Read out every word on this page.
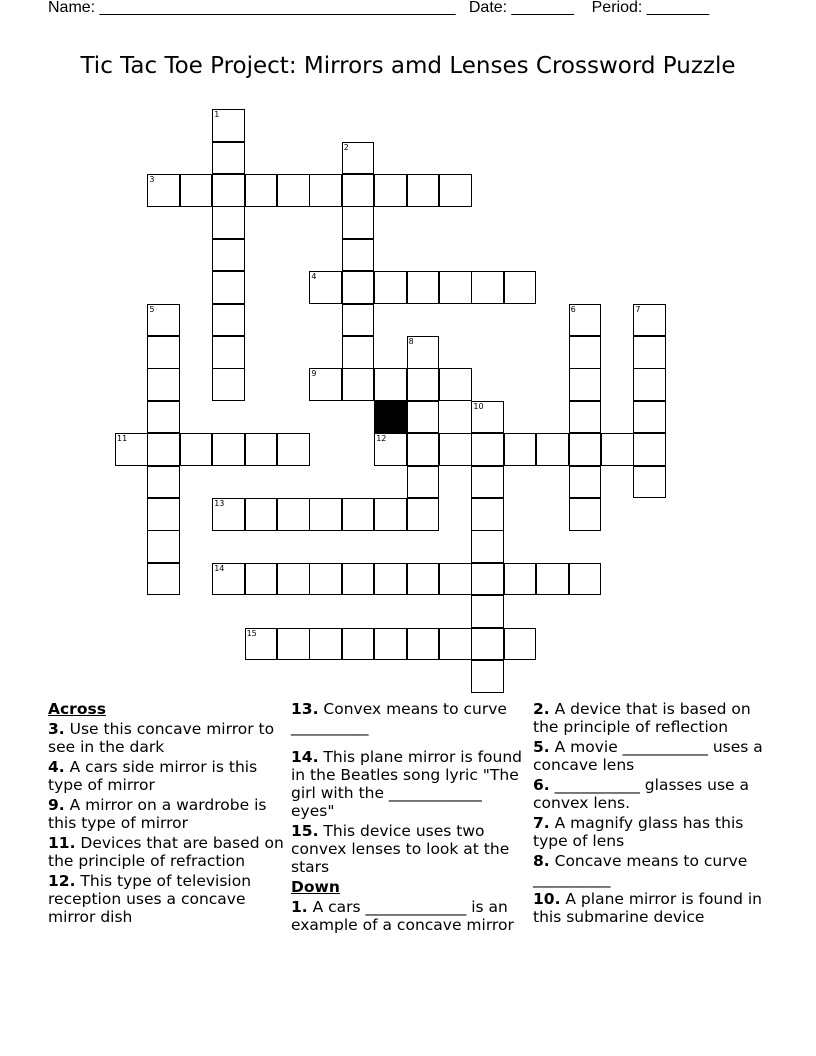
Name: ________________________________________ Date: _______ Period: _______
Tic Tac Toe Project: Mirrors amd Lenses Crossword Puzzle
1
2
3
4
5	6	7
8
9
10
11	12
13
14
15
Across
3. Use this concave mirror to see in the dark
4. A cars side mirror is this type of mirror
9. A mirror on a wardrobe is this type of mirror
11. Devices that are based on the principle of refraction
12. This type of television reception uses a concave mirror dish
13. Convex means to curve __________
14. This plane mirror is found in the Beatles song lyric "The girl with the ____________ eyes"
15. This device uses two convex lenses to look at the stars
Down
1. A cars _____________ is an example of a concave mirror
2. A device that is based on the principle of reflection
5. A movie ___________ uses a concave lens
6. ___________ glasses use a convex lens.
7. A magnify glass has this type of lens
8. Concave means to curve __________
10. A plane mirror is found in this submarine device
